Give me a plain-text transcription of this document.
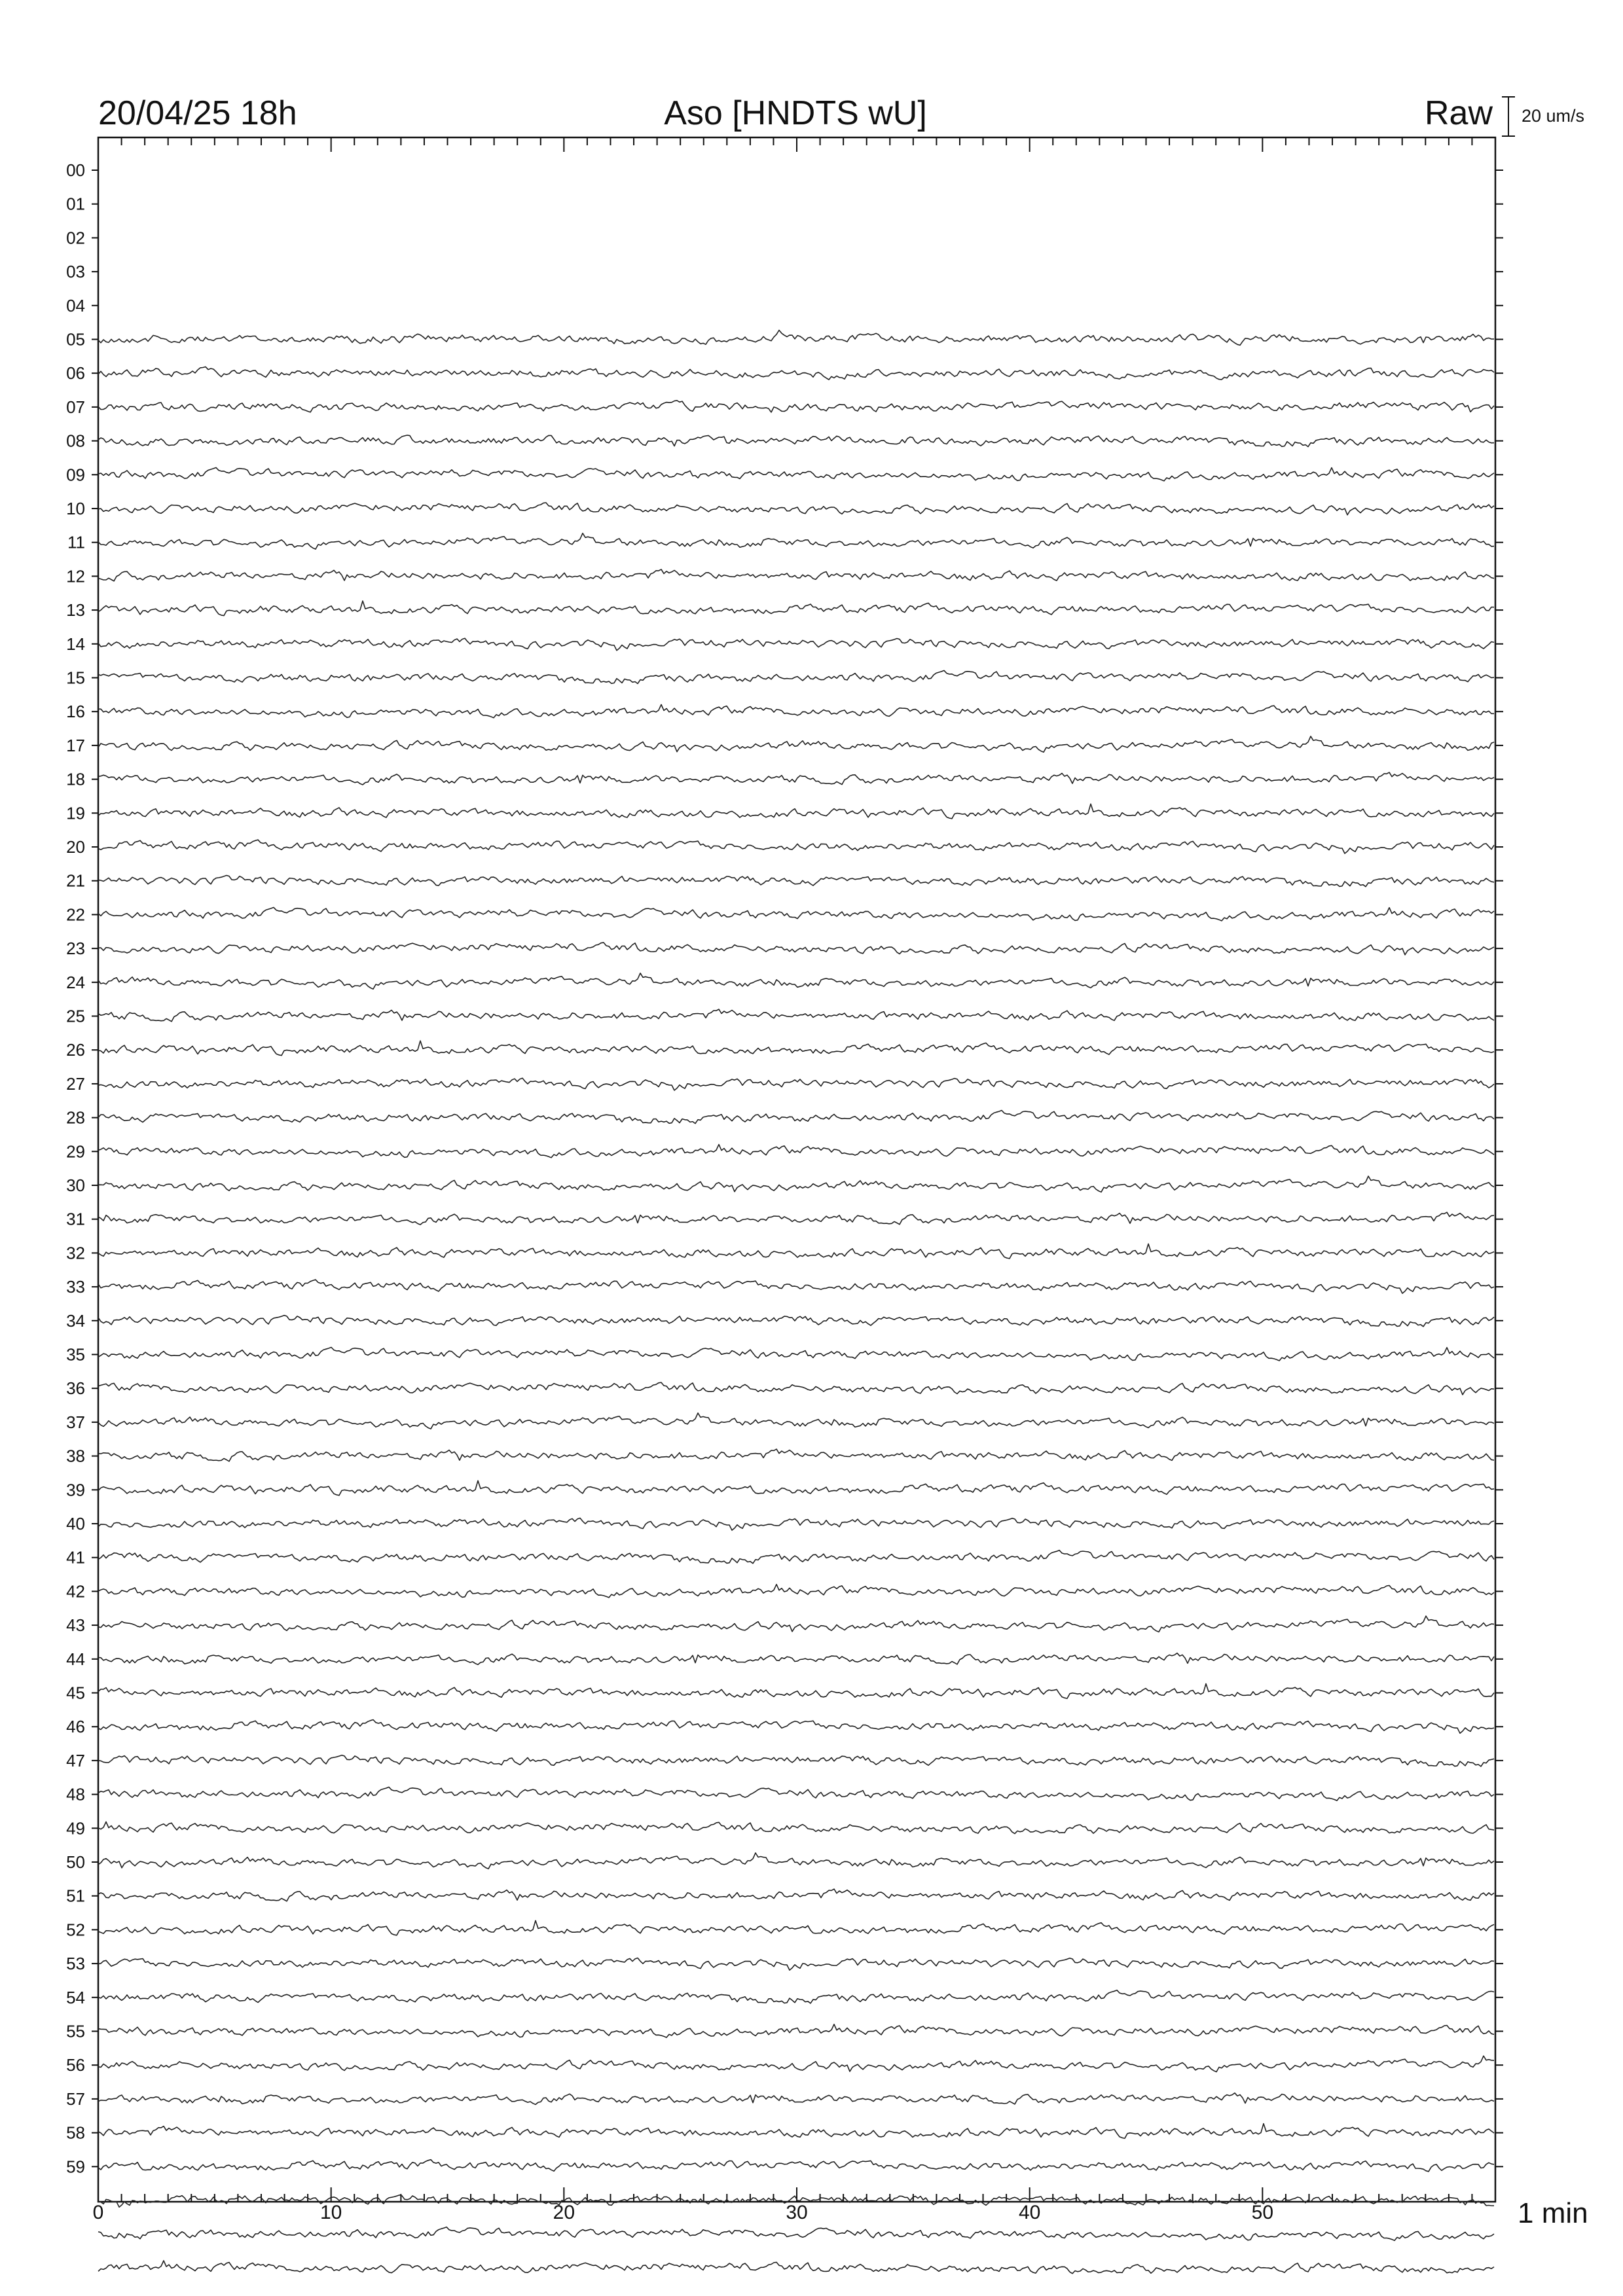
20/04/25 18h	Aso [HNDTS wU]	Raw 20 um/s
00
01
02
03
04
05
06
07
08
09
10
11
12
13
14
15
16
17
18
19
20
21
22
23
24
25
26
27
28
29
30
31
32
33
34
35
36
37
38
39
40
41
42
43
44
45
46
47
48
49
50
51
52
53
54
55
56
57
58
59
0	10	20	30	40	50	1 min
